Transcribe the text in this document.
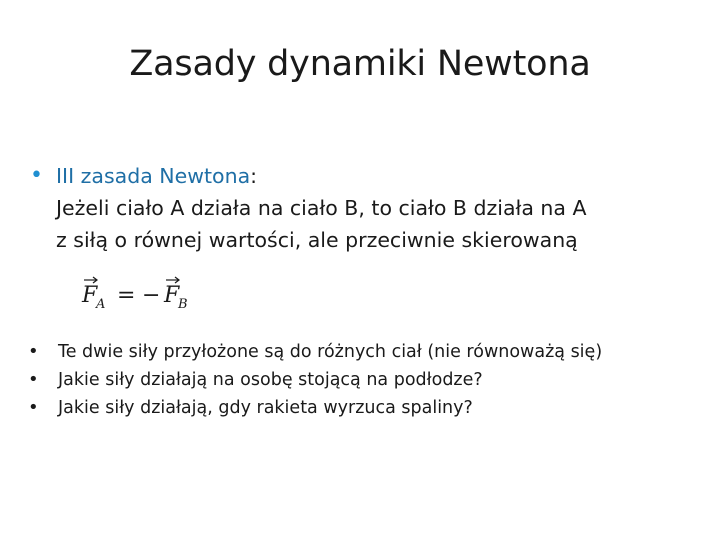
Zasady dynamiki Newtona
• III zasada Newtona:
Jeżeli ciało A działa na ciało B, to ciało B działa na A
z siłą o równej wartości, ale przeciwnie skierowaną
F
A = − F
B
• Te dwie siły przyłożone są do różnych ciał (nie równoważą się)
• Jakie siły działają na osobę stojącą na podłodze?
• Jakie siły działają, gdy rakieta wyrzuca spaliny?
